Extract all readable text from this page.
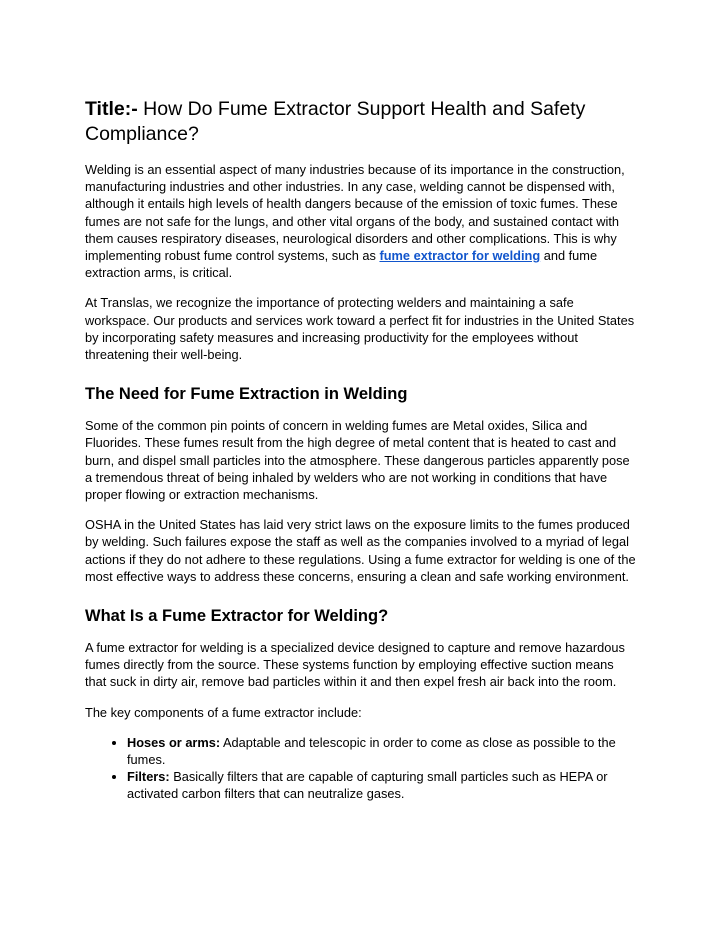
Title:- How Do Fume Extractor Support Health and Safety Compliance?

Welding is an essential aspect of many industries because of its importance in the construction, manufacturing industries and other industries. In any case, welding cannot be dispensed with, although it entails high levels of health dangers because of the emission of toxic fumes. These fumes are not safe for the lungs, and other vital organs of the body, and sustained contact with them causes respiratory diseases, neurological disorders and other complications. This is why implementing robust fume control systems, such as fume extractor for welding and fume extraction arms, is critical.

At Translas, we recognize the importance of protecting welders and maintaining a safe workspace. Our products and services work toward a perfect fit for industries in the United States by incorporating safety measures and increasing productivity for the employees without threatening their well-being.

The Need for Fume Extraction in Welding

Some of the common pin points of concern in welding fumes are Metal oxides, Silica and Fluorides. These fumes result from the high degree of metal content that is heated to cast and burn, and dispel small particles into the atmosphere. These dangerous particles apparently pose a tremendous threat of being inhaled by welders who are not working in conditions that have proper flowing or extraction mechanisms.

OSHA in the United States has laid very strict laws on the exposure limits to the fumes produced by welding. Such failures expose the staff as well as the companies involved to a myriad of legal actions if they do not adhere to these regulations. Using a fume extractor for welding is one of the most effective ways to address these concerns, ensuring a clean and safe working environment.

What Is a Fume Extractor for Welding?

A fume extractor for welding is a specialized device designed to capture and remove hazardous fumes directly from the source. These systems function by employing effective suction means that suck in dirty air, remove bad particles within it and then expel fresh air back into the room.

The key components of a fume extractor include:

• Hoses or arms: Adaptable and telescopic in order to come as close as possible to the fumes.
• Filters: Basically filters that are capable of capturing small particles such as HEPA or activated carbon filters that can neutralize gases.
